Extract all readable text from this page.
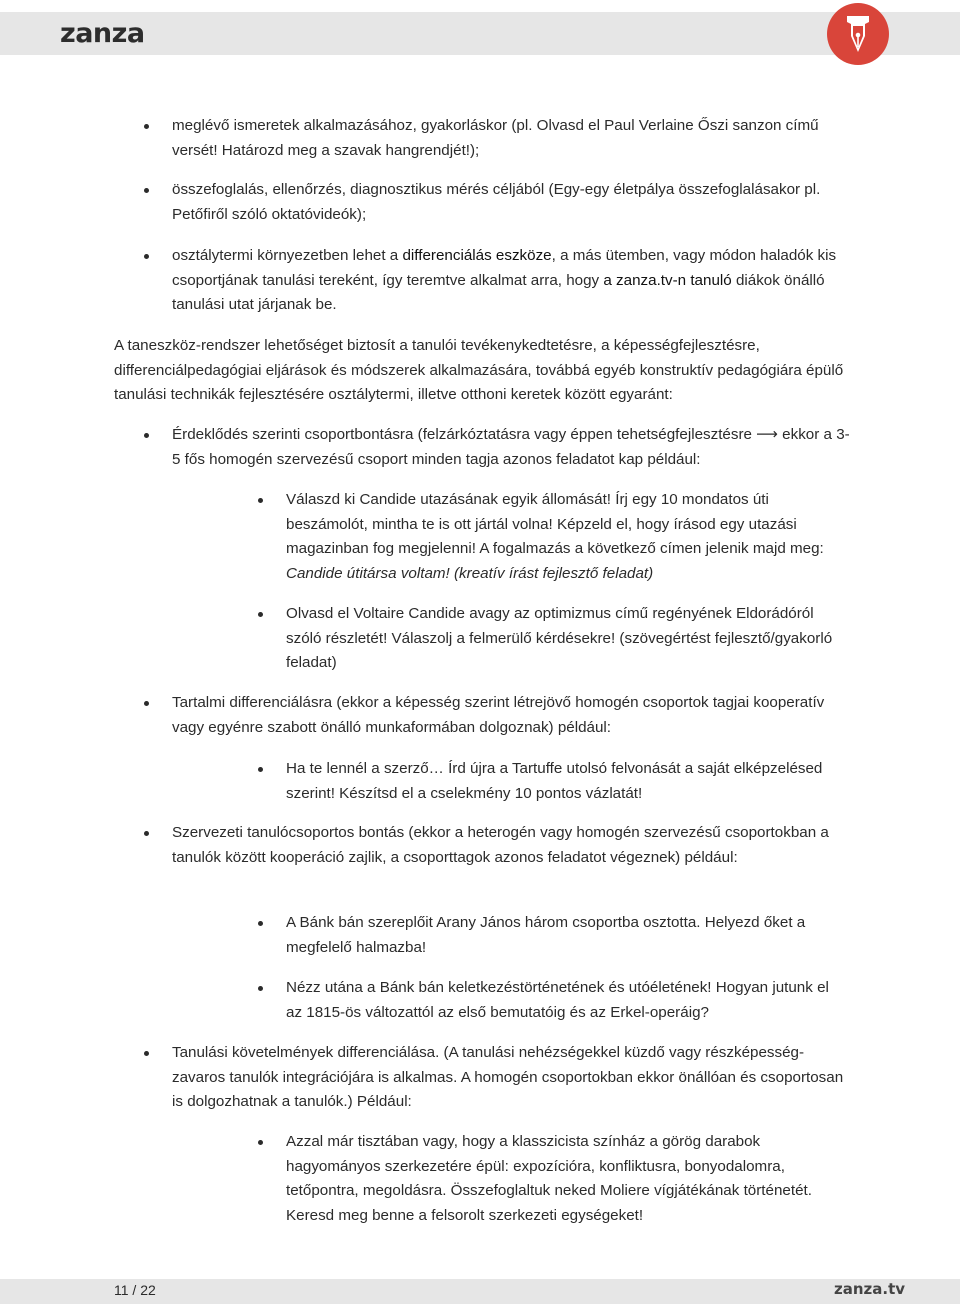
zanza
meglévő ismeretek alkalmazásához, gyakorláskor (pl. Olvasd el Paul Verlaine Őszi sanzon című versét! Határozd meg a szavak hangrendjét!);
összefoglalás, ellenőrzés, diagnosztikus mérés céljából (Egy-egy életpálya összefoglalásakor pl. Petőfiről szóló oktatóvideók);
osztálytermi környezetben lehet a differenciálás eszköze, a más ütemben, vagy módon haladók kis csoportjának tanulási tereként, így teremtve alkalmat arra, hogy a zanza.tv-n tanuló diákok önálló tanulási utat járjanak be.
A taneszköz-rendszer lehetőséget biztosít a tanulói tevékenykedtetésre, a képességfejlesztésre, differenciálpedagógiai eljárások és módszerek alkalmazására, továbbá egyéb konstruktív pedagógiára épülő tanulási technikák fejlesztésére osztálytermi, illetve otthoni keretek között egyaránt:
Érdeklődés szerinti csoportbontásra (felzárkóztatásra vagy éppen tehetségfejlesztésre ⟶ ekkor a 3-5 fős homogén szervezésű csoport minden tagja azonos feladatot kap például:
Válaszd ki Candide utazásának egyik állomását! Írj egy 10 mondatos úti beszámolót, mintha te is ott jártál volna! Képzeld el, hogy írásod egy utazási magazinban fog megjelenni! A fogalmazás a következő címen jelenik majd meg: Candide útitársa voltam! (kreatív írást fejlesztő feladat)
Olvasd el Voltaire Candide avagy az optimizmus című regényének Eldorádóról szóló részletét! Válaszolj a felmerülő kérdésekre! (szövegértést fejlesztő/gyakorló feladat)
Tartalmi differenciálásra (ekkor a képesség szerint létrejövő homogén csoportok tagjai kooperatív vagy egyénre szabott önálló munkaformában dolgoznak) például:
Ha te lennél a szerző… Írd újra a Tartuffe utolsó felvonását a saját elképzelésed szerint! Készítsd el a cselekmény 10 pontos vázlatát!
Szervezeti tanulócsoportos bontás (ekkor a heterogén vagy homogén szervezésű csoportokban a tanulók között kooperáció zajlik, a csoporttagok azonos feladatot végeznek) például:
A Bánk bán szereplőit Arany János három csoportba osztotta. Helyezd őket a megfelelő halmazba!
Nézz utána a Bánk bán keletkezéstörténetének és utóéletének! Hogyan jutunk el az 1815-ös változattól az első bemutatóig és az Erkel-operáig?
Tanulási követelmények differenciálása. (A tanulási nehézségekkel küzdő vagy részképesség-zavaros tanulók integrációjára is alkalmas. A homogén csoportokban ekkor önállóan és csoportosan is dolgozhatnak a tanulók.) Például:
Azzal már tisztában vagy, hogy a klasszicista színház a görög darabok hagyományos szerkezetére épül: expozícióra, konfliktusra, bonyodalomra, tetőpontra, megoldásra. Összefoglaltuk neked Moliere vígjátékának történetét. Keresd meg benne a felsorolt szerkezeti egységeket!
11 / 22	zanza.tv
